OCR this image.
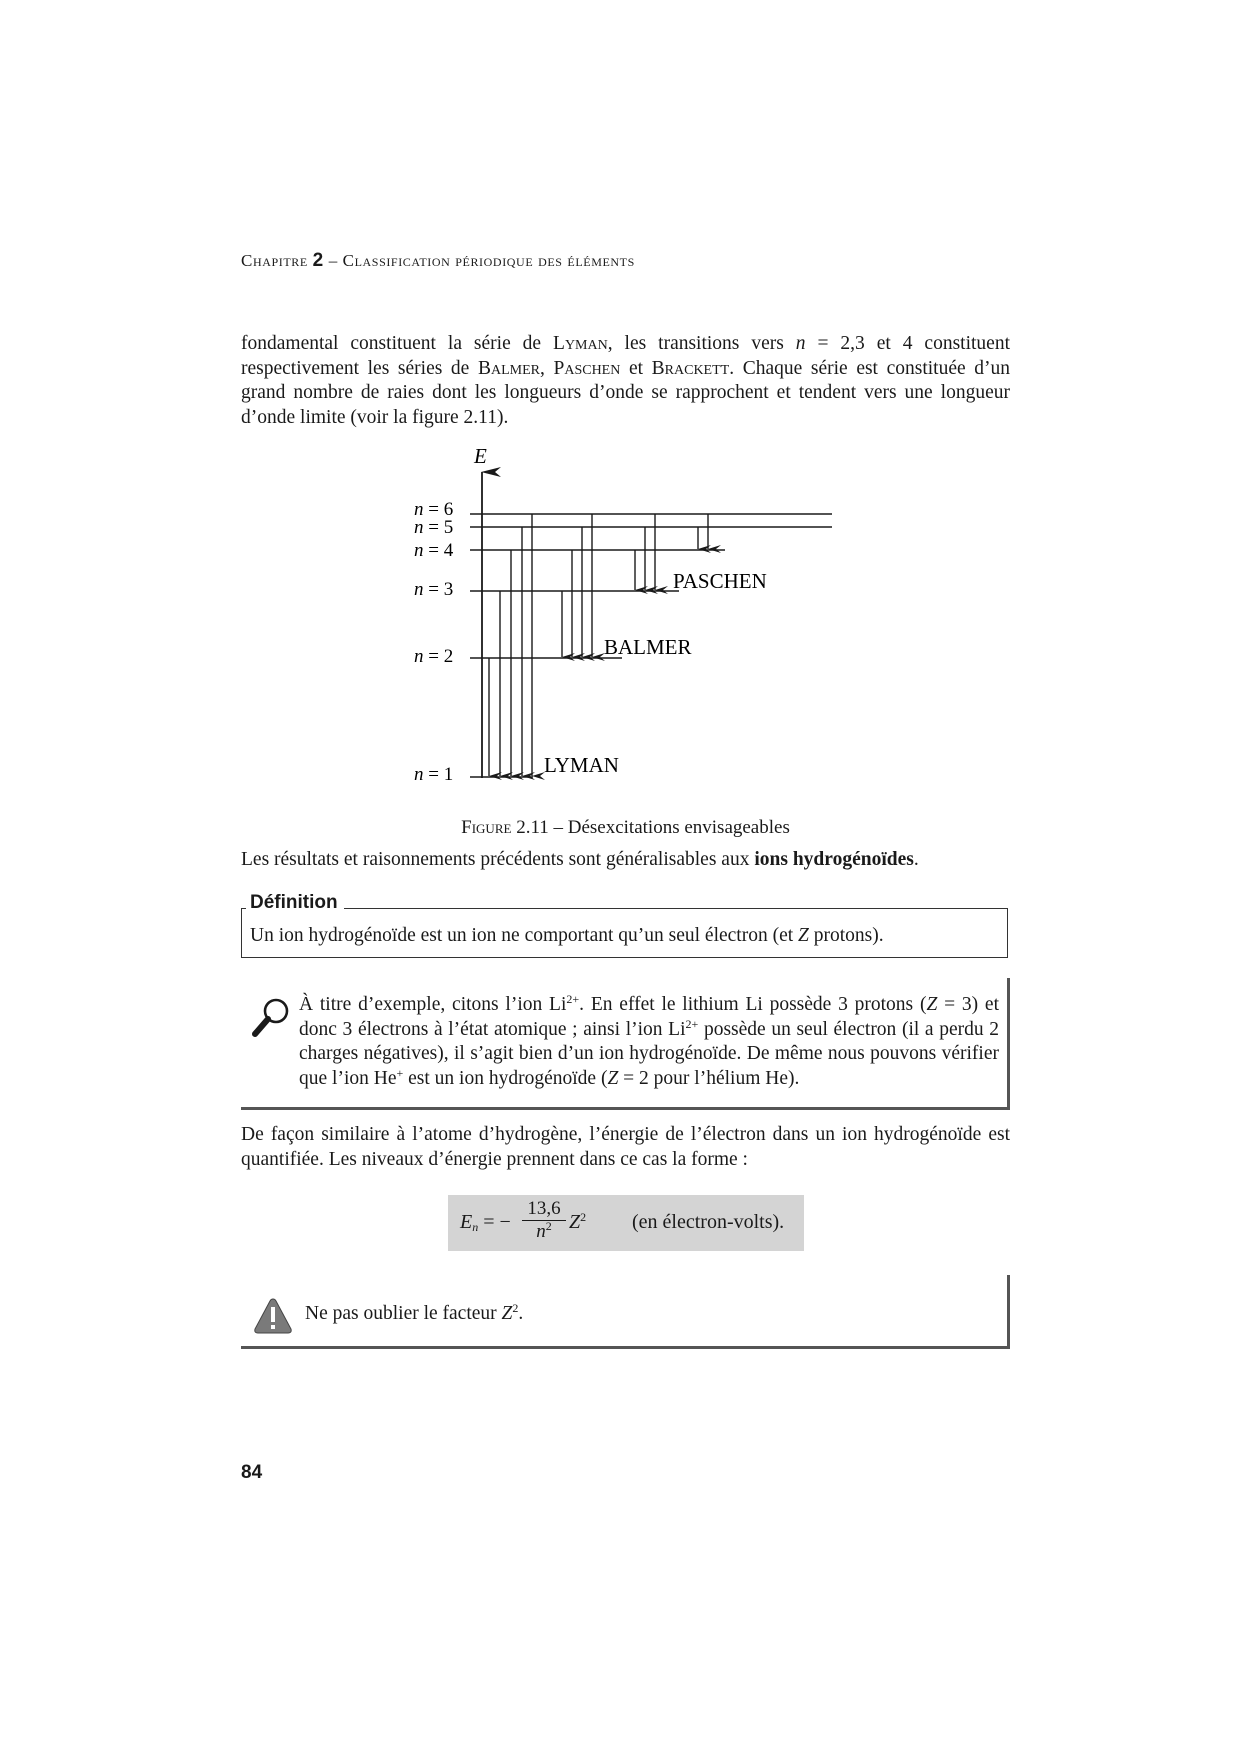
Chapitre 2 – Classification périodique des éléments

fondamental constituent la série de Lyman, les transitions vers n = 2,3 et 4 constituent respectivement les séries de Balmer, Paschen et Brackett. Chaque série est constituée d’un grand nombre de raies dont les longueurs d’onde se rapprochent et tendent vers une longueur d’onde limite (voir la figure 2.11).

E
n = 1
n = 2
n = 3
n = 4
n = 5
n = 6
LYMAN
BALMER
PASCHEN
Figure 2.11 – Désexcitations envisageables

Les résultats et raisonnements précédents sont généralisables aux ions hydrogénoïdes.

Définition
Un ion hydrogénoïde est un ion ne comportant qu’un seul électron (et Z protons).

À titre d’exemple, citons l’ion $Li^{2+}$. En effet le lithium Li possède 3 protons (Z = 3) et donc 3 électrons à l’état atomique ; ainsi l’ion $Li^{2+}$ possède un seul électron (il a perdu 2 charges négatives), il s’agit bien d’un ion hydrogénoïde. De même nous pouvons vérifier que l’ion He+ est un ion hydrogénoïde (Z = 2 pour l’hélium He).

De façon similaire à l’atome d’hydrogène, l’énergie de l’électron dans un ion hydrogénoïde est quantifiée. Les niveaux d’énergie prennent dans ce cas la forme :

$E_n$ = −
13,6
$n^2$ $Z^2$ (en électron-volts).
Ne pas oublier le facteur $Z^2$.
84
